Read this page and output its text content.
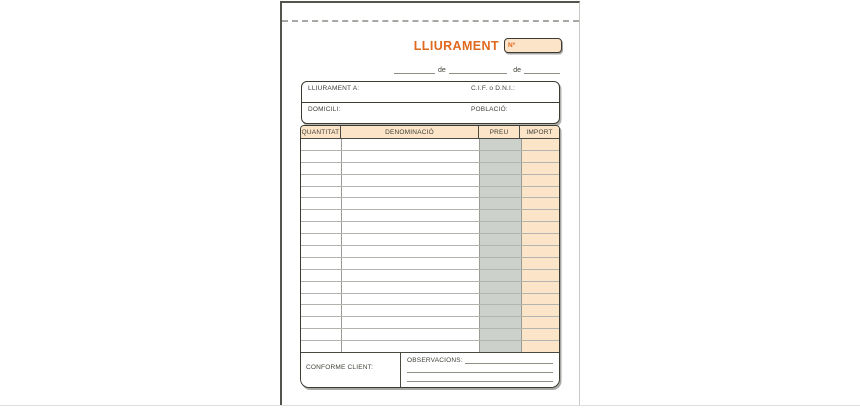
LLIURAMENT Nº
de	de
LLIURAMENT A:	C.I.F. o D.N.I.:
DOMICILI:	POBLACIÓ:
QUANTITAT	DENOMINACIÓ	PREU	IMPORT
CONFORME CLIENT:
OBSERVACIONS:
